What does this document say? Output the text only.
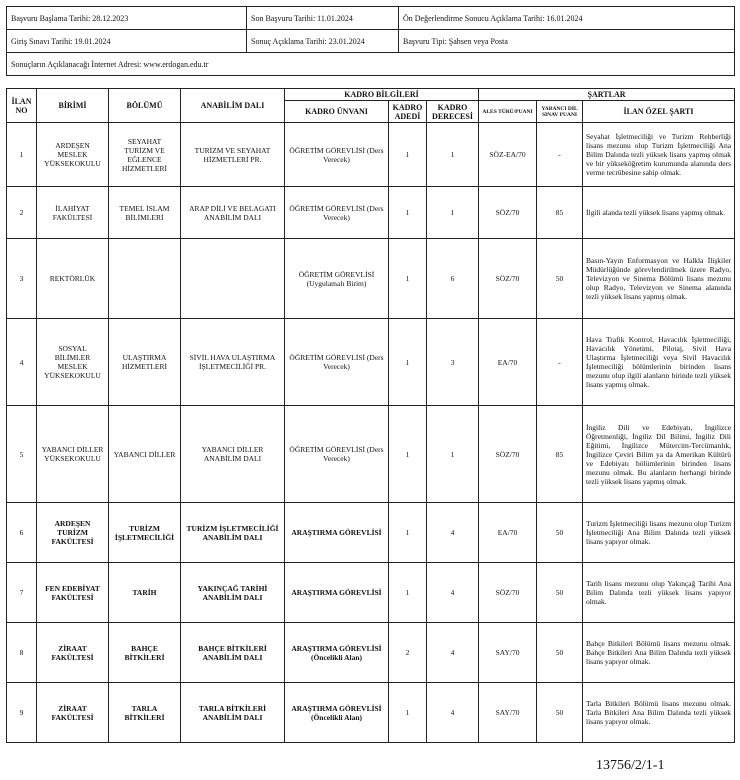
Başvuru Başlama Tarihi: 28.12.2023	Son Başvuru Tarihi: 11.01.2024	Ön Değerlendirme Sonucu Açıklama Tarihi: 16.01.2024
Giriş Sınavı Tarihi: 19.01.2024	Sonuç Açıklama Tarihi: 23.01.2024	Başvuru Tipi: Şahsen veya Posta
Sonuçların Açıklanacağı İnternet Adresi: www.erdogan.edu.tr		
İLAN NO	BİRİMİ	BÖLÜMÜ	ANABİLİM DALI	KADRO BİLGİLERİ			ŞARTLAR		
				KADRO ÜNVANI	KADRO ADEDİ	KADRO DERECESİ	ALES TÜRÜ/PUANI	YABANCI DİL SINAV PUANI	İLAN ÖZEL ŞARTI
1	ARDEŞEN MESLEK YÜKSEKOKULU	SEYAHAT TURİZM VE EĞLENCE HİZMETLERİ	TURİZM VE SEYAHAT HİZMETLERİ PR.	ÖĞRETİM GÖREVLİSİ (Ders Verecek)	1	1	SÖZ-EA/70	-	Seyahat İşletmeciliği ve Turizm Rehberliği lisans mezunu olup Turizm İşletmeciliği Ana Bilim Dalında tezli yüksek lisans yapmış olmak ve bir yükseköğretim kurumunda alanında ders verme tecrübesine sahip olmak.
2	İLAHİYAT FAKÜLTESİ	TEMEL İSLAM BİLİMLERİ	ARAP DİLİ VE BELAGATI ANABİLİM DALI	ÖĞRETİM GÖREVLİSİ (Ders Verecek)	1	1	SÖZ/70	85	İlgili alanda tezli yüksek lisans yapmış olmak.
3	REKTÖRLÜK			ÖĞRETİM GÖREVLİSİ (Uygulamalı Birim)	1	6	SÖZ/70	50	Basın-Yayın Enformasyon ve Halkla İlişkiler Müdürlüğünde görevlendirilmek üzere Radyo, Televizyon ve Sinema Bölümü lisans mezunu olup Radyo, Televizyon ve Sinema alanında tezli yüksek lisans yapmış olmak.
4	SOSYAL BİLİMLER MESLEK YÜKSEKOKULU	ULAŞTIRMA HİZMETLERİ	SİVİL HAVA ULAŞTIRMA İŞLETMECİLİĞİ PR.	ÖĞRETİM GÖREVLİSİ (Ders Verecek)	1	3	EA/70	-	Hava Trafik Kontrol, Havacılık İşletmeciliği, Havacılık Yönetimi, Pilotaj, Sivil Hava Ulaştırma İşletmeciliği veya Sivil Havacılık İşletmeciliği bölümlerinin birinden lisans mezunu olup ilgili alanların birinde tezli yüksek lisans yapmış olmak.
5	YABANCI DİLLER YÜKSEKOKULU	YABANCI DİLLER	YABANCI DİLLER ANABİLİM DALI	ÖĞRETİM GÖREVLİSİ (Ders Verecek)	1	1	SÖZ/70	85	İngiliz Dili ve Edebiyatı, İngilizce Öğretmenliği, İngiliz Dil Bilimi, İngiliz Dili Eğitimi, İngilizce Mütercim-Tercümanlık, İngilizce Çeviri Bilim ya da Amerikan Kültürü ve Edebiyatı bölümlerinin birinden lisans mezunu olmak. Bu alanların herhangi birinde tezli yüksek lisans yapmış olmak.
6	ARDEŞEN TURİZM FAKÜLTESİ	TURİZM İŞLETMECİLİĞİ	TURİZM İŞLETMECİLİĞİ ANABİLİM DALI	ARAŞTIRMA GÖREVLİSİ	1	4	EA/70	50	Turizm İşletmeciliği lisans mezunu olup Turizm İşletmeciliği Ana Bilim Dalında tezli yüksek lisans yapıyor olmak.
7	FEN EDEBİYAT FAKÜLTESİ	TARİH	YAKINÇAĞ TARİHİ ANABİLİM DALI	ARAŞTIRMA GÖREVLİSİ	1	4	SÖZ/70	50	Tarih lisans mezunu olup Yakınçağ Tarihi Ana Bilim Dalında tezli yüksek lisans yapıyor olmak.
8	ZİRAAT FAKÜLTESİ	BAHÇE BİTKİLERİ	BAHÇE BİTKİLERİ ANABİLİM DALI	ARAŞTIRMA GÖREVLİSİ (Öncelikli Alan)	2	4	SAY/70	50	Bahçe Bitkileri Bölümü lisans mezunu olmak. Bahçe Bitkileri Ana Bilim Dalında tezli yüksek lisans yapıyor olmak.
9	ZİRAAT FAKÜLTESİ	TARLA BİTKİLERİ	TARLA BİTKİLERİ ANABİLİM DALI	ARAŞTIRMA GÖREVLİSİ (Öncelikli Alan)	1	4	SAY/70	50	Tarla Bitkileri Bölümü lisans mezunu olmak. Tarla Bitkileri Ana Bilim Dalında tezli yüksek lisans yapıyor olmak.
13756/2/1-1
